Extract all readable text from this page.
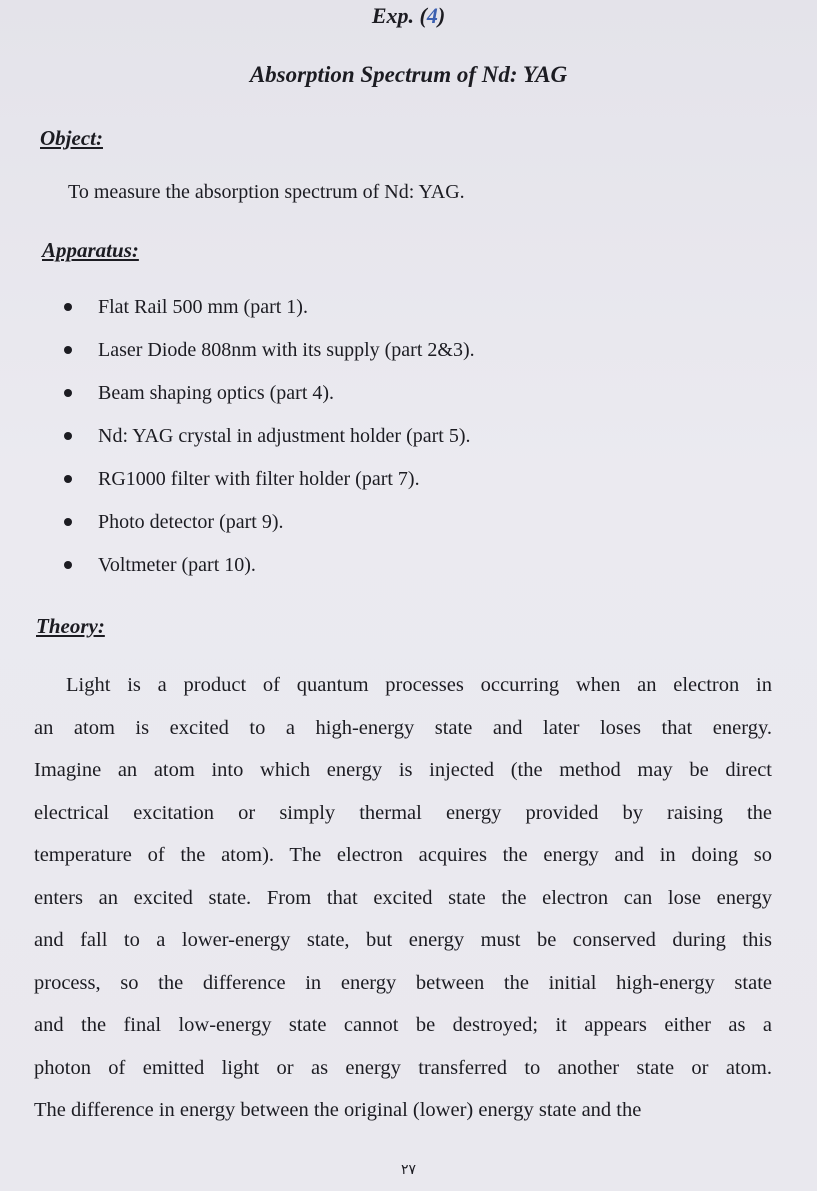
Exp. (4)
Absorption Spectrum of Nd: YAG
Object:

To measure the absorption spectrum of Nd: YAG.

Apparatus:
Flat Rail 500 mm (part 1).
Laser Diode 808nm with its supply (part 2&3).
Beam shaping optics (part 4).
Nd: YAG crystal in adjustment holder (part 5).
RG1000 filter with filter holder (part 7).
Photo detector (part 9).
Voltmeter (part 10).
Theory:
Light is a product of quantum processes occurring when an electron in
an atom is excited to a high-energy state and later loses that energy.
Imagine an atom into which energy is injected (the method may be direct
electrical excitation or simply thermal energy provided by raising the
temperature of the atom). The electron acquires the energy and in doing so
enters an excited state. From that excited state the electron can lose energy
and fall to a lower-energy state, but energy must be conserved during this
process, so the difference in energy between the initial high-energy state
and the final low-energy state cannot be destroyed; it appears either as a
photon of emitted light or as energy transferred to another state or atom.
The difference in energy between the original (lower) energy state and the
٢٧
